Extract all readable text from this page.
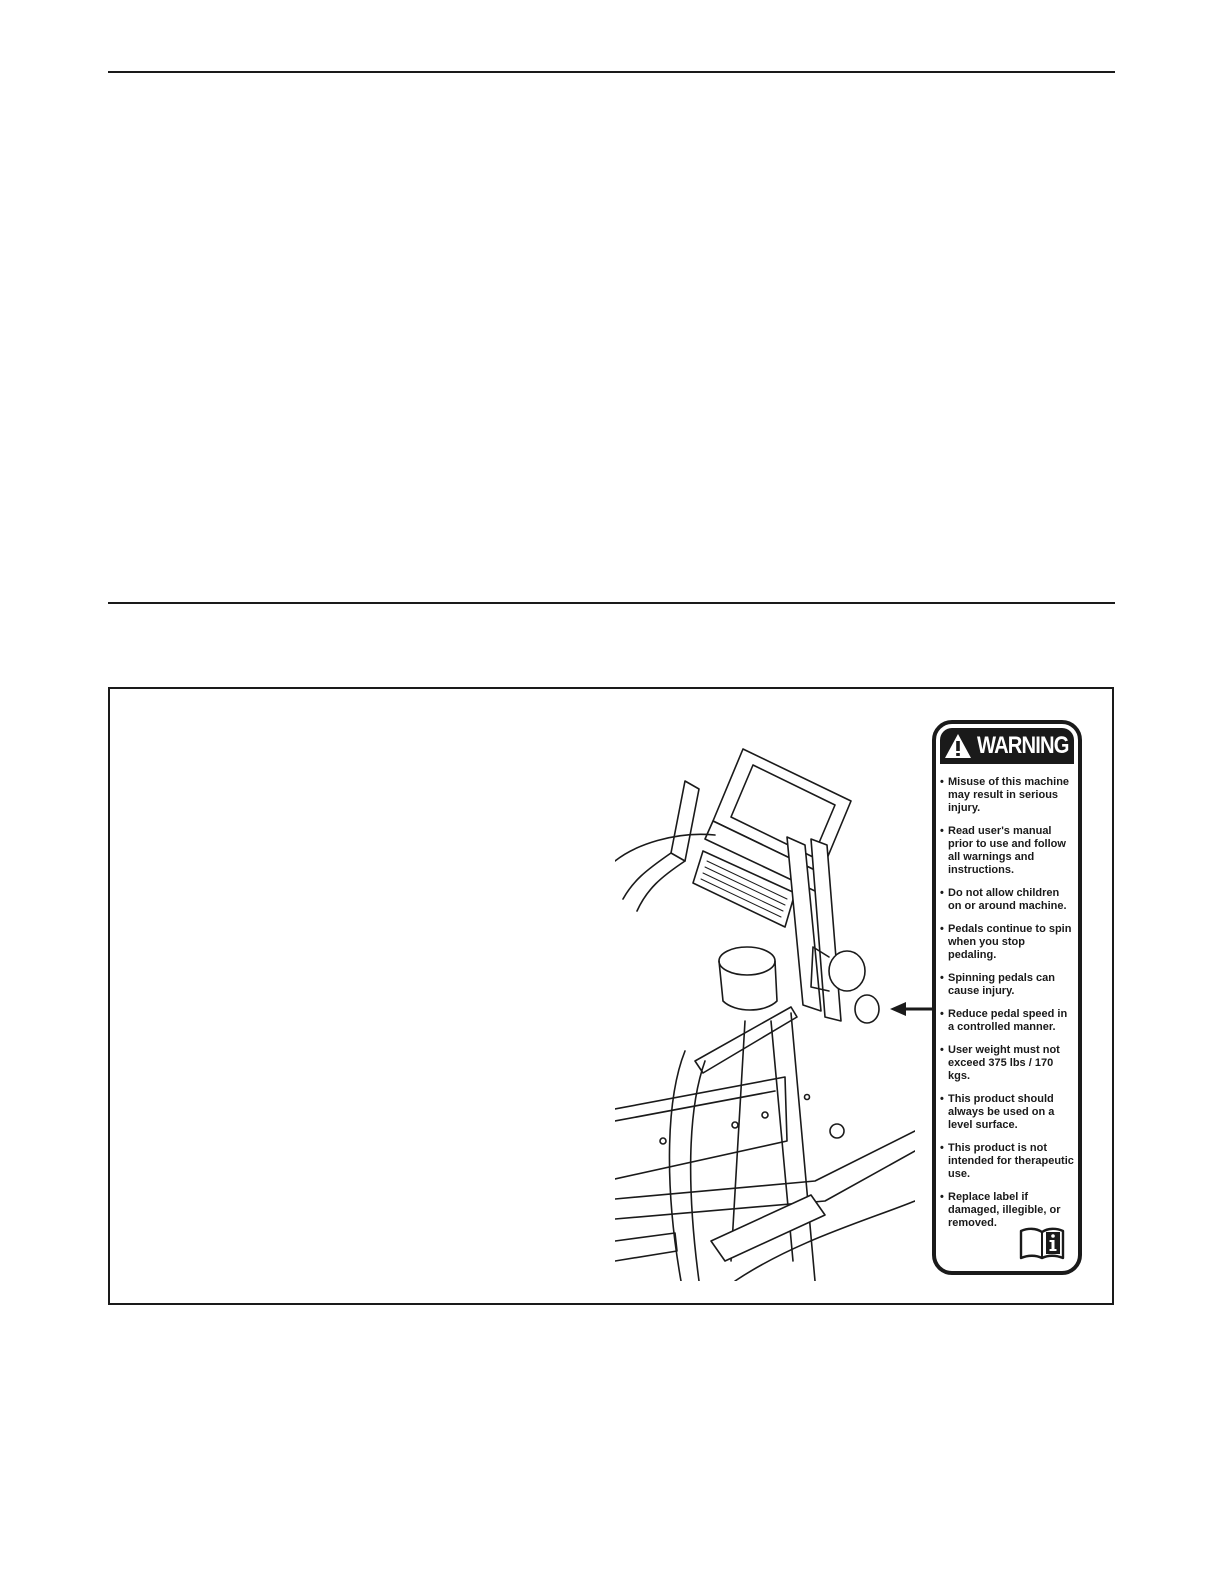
WARNING
• Misuse of this machine may result in serious injury.
• Read user's manual prior to use and follow all warnings and instructions.
• Do not allow children on or around machine.
• Pedals continue to spin when you stop pedaling.
• Spinning pedals can cause injury.
• Reduce pedal speed in a controlled manner.
• User weight must not exceed 375 lbs / 170 kgs.
• This product should always be used on a level surface.
• This product is not intended for therapeutic use.
• Replace label if damaged, illegible, or removed.
